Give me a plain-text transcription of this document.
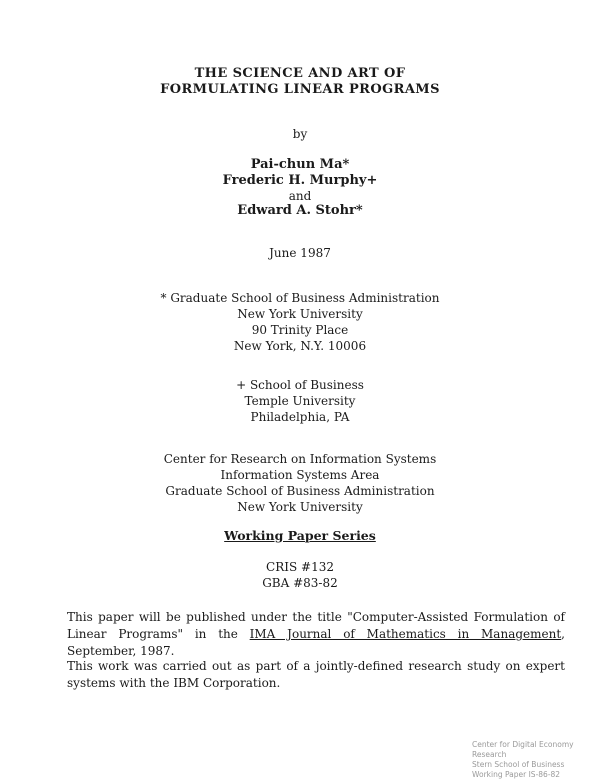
THE SCIENCE AND ART OF
FORMULATING LINEAR PROGRAMS
by
Pai-chun Ma*
Frederic H. Murphy+
and
Edward A. Stohr*
June 1987
* Graduate School of Business Administration
New York University
90 Trinity Place
New York, N.Y. 10006
+ School of Business
Temple University
Philadelphia, PA
Center for Research on Information Systems
Information Systems Area
Graduate School of Business Administration
New York University
Working Paper Series
CRIS #132
GBA #83-82
This paper will be published under the title "Computer-Assisted Formulation of Linear Programs" in the IMA Journal of Mathematics in Management, September, 1987.
This work was carried out as part of a jointly-defined research study on expert systems with the IBM Corporation.
Center for Digital Economy Research
Stern School of Business
Working Paper IS-86-82
